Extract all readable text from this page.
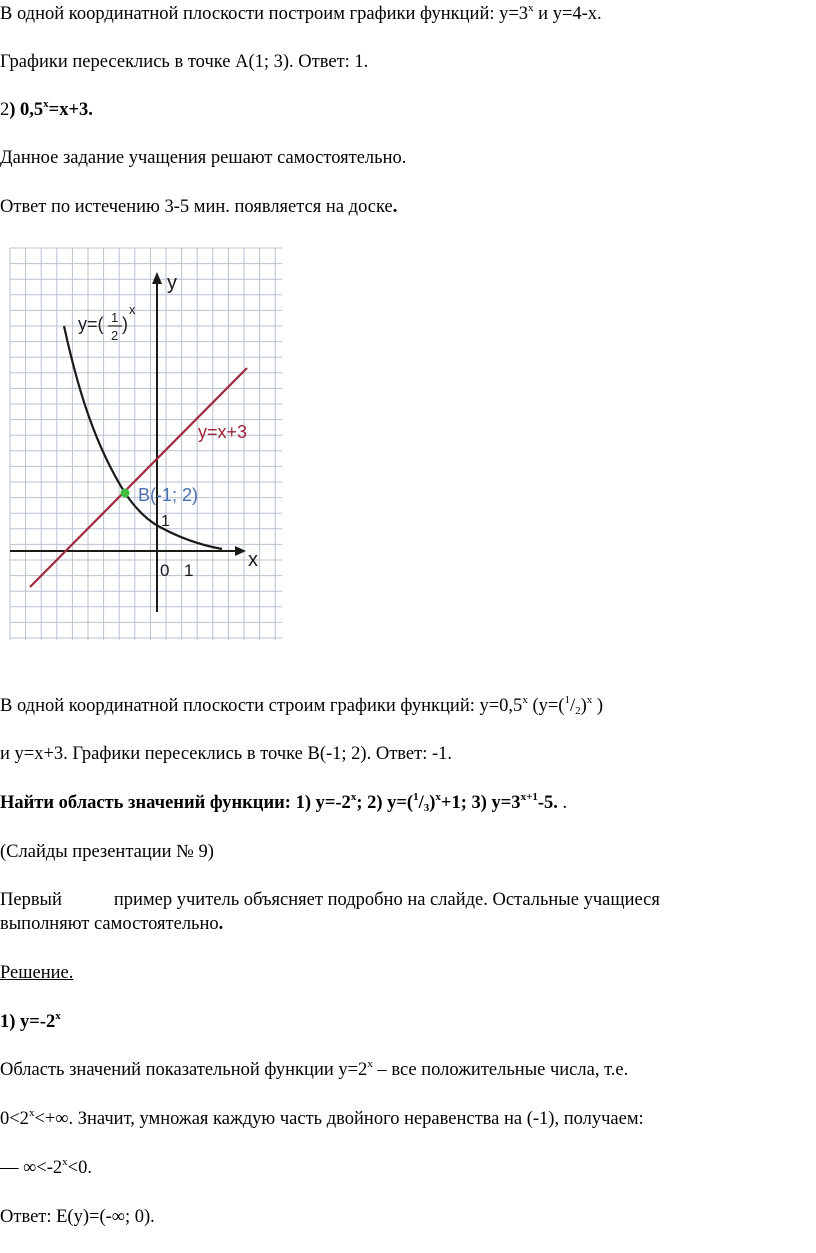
В одной координатной плоскости построим графики функций: $y=3^x$ и y=4-x.
Графики пересеклись в точке А(1; 3). Ответ: 1.
2) $0,5^x=x+3$.
Данное задание учащения решают самостоятельно.
Ответ по истечению 3-5 мин. появляется на доске.
y
x
y=( 1
2
)
x
y=x+3
B(-1; 2)
1
0 1
В одной координатной плоскости строим графики функций: $y=0,5^x$ ($y=(^1/_2)^x$ )
и y=x+3. Графики пересеклись в точке В(-1; 2). Ответ: -1.
Найти область значений функции: 1) $y=-2^x$; 2) $y=(^1/_3)^x+1$; 3) $y=3^{x+1}-5$. .
(Слайды презентации № 9)
Первый	пример учитель объясняет подробно на слайде. Остальные учащиеся
выполняют самостоятельно.
Решение.
1) $y=-2^x$
Область значений показательной функции $y=2^x$ – все положительные числа, т.е.
$0<2^x<+\infty$. Значит, умножая каждую часть двойного неравенства на (-1), получаем:
— $\infty<-2^x<0$.
Ответ: E(y)=(-∞; 0).
